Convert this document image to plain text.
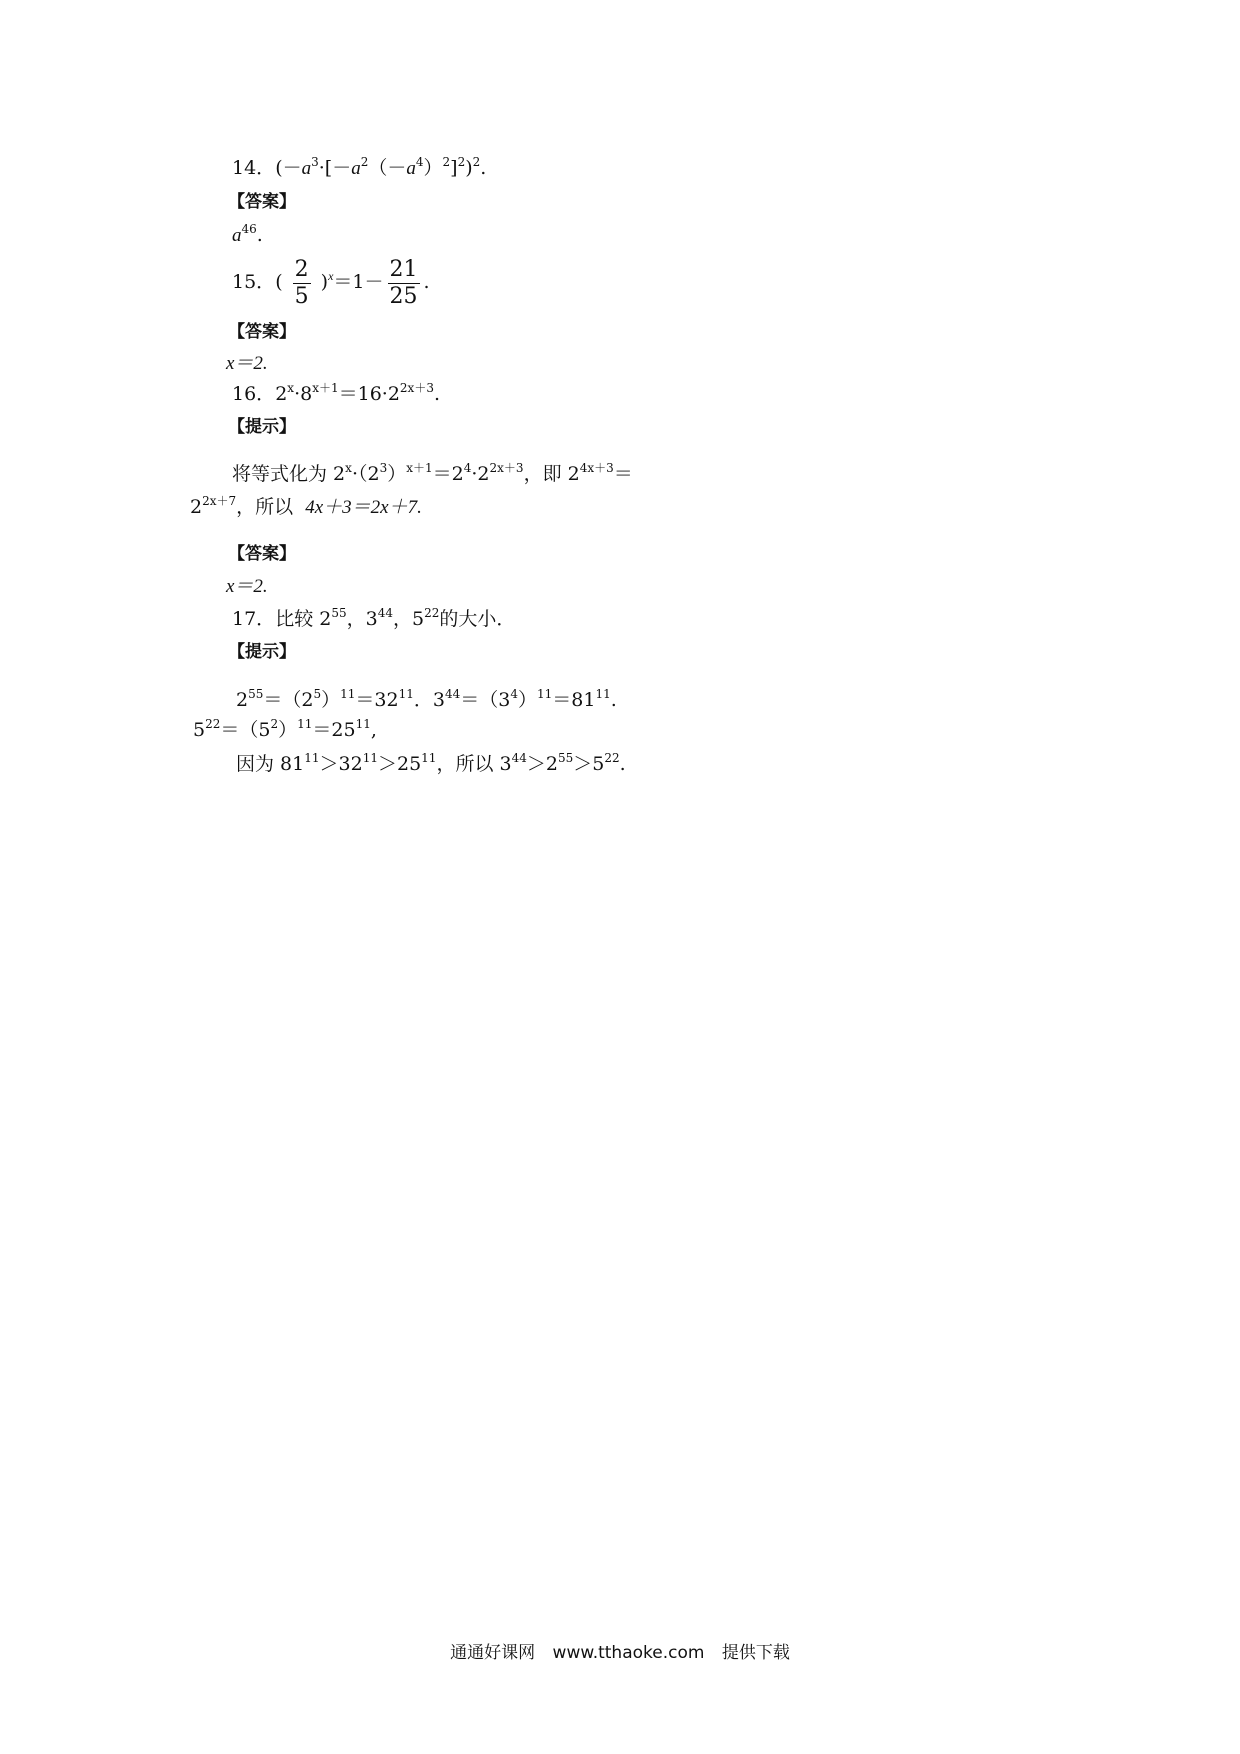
14．$(-a^3\cdot[-a^2(-a^4)^2]^2)^2$.
【答案】
$a^{46}$.
15．( $\frac{2}{5} )^x=1- \frac{21}{25}$ .
【答案】
x＝2.
16．$2^x\cdot 8^{x+1}=16\cdot 2^{2x+3}$.
【提示】
将等式化为 $2^x\cdot(2^3)^{x+1}=2^4\cdot 2^{2x+3}$，即 $2^{4x+3}=$
$2^{2x+7}$，所以 4x＋3＝2x＋7.
【答案】
x＝2.
17．比较 $2^{55}$，$3^{44}$，$5^{22}$的大小．
【提示】
$2^{55}=(2^5)^{11}=32^{11}$．$3^{44}=(3^4)^{11}=81^{11}$.
$5^{22}=(5^2)^{11}=25^{11}$,
因为 $81^{11}>32^{11}>25^{11}$，所以 $3^{44}>2^{55}>5^{22}$.
通通好课网 www.tthaoke.com 提供下载
